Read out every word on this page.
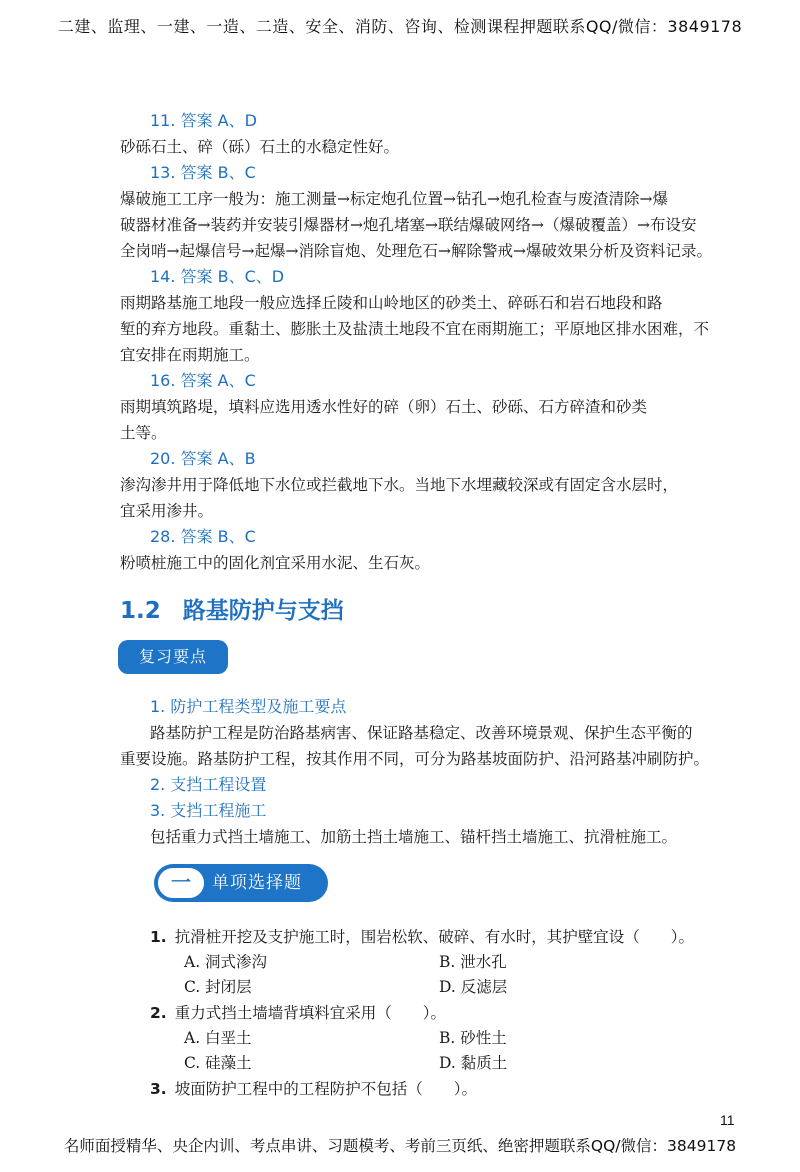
二建、监理、一建、一造、二造、安全、消防、咨询、检测课程押题联系QQ/微信：3849178
11. 答案 A、D
砂砾石土、碎（砾）石土的水稳定性好。
13. 答案 B、C
爆破施工工序一般为：施工测量→标定炮孔位置→钻孔→炮孔检查与废渣清除→爆
破器材准备→装药并安装引爆器材→炮孔堵塞→联结爆破网络→（爆破覆盖）→布设安
全岗哨→起爆信号→起爆→消除盲炮、处理危石→解除警戒→爆破效果分析及资料记录。
14. 答案 B、C、D
雨期路基施工地段一般应选择丘陵和山岭地区的砂类土、碎砾石和岩石地段和路
堑的弃方地段。重黏土、膨胀土及盐渍土地段不宜在雨期施工；平原地区排水困难，不
宜安排在雨期施工。
16. 答案 A、C
雨期填筑路堤，填料应选用透水性好的碎（卵）石土、砂砾、石方碎渣和砂类
土等。
20. 答案 A、B
渗沟渗井用于降低地下水位或拦截地下水。当地下水埋藏较深或有固定含水层时，
宜采用渗井。
28. 答案 B、C
粉喷桩施工中的固化剂宜采用水泥、生石灰。
1.2 路基防护与支挡
复习要点
1. 防护工程类型及施工要点
路基防护工程是防治路基病害、保证路基稳定、改善环境景观、保护生态平衡的
重要设施。路基防护工程，按其作用不同，可分为路基坡面防护、沿河路基冲刷防护。
2. 支挡工程设置
3. 支挡工程施工
包括重力式挡土墙施工、加筋土挡土墙施工、锚杆挡土墙施工、抗滑桩施工。
一	单项选择题
1. 抗滑桩开挖及支护施工时，围岩松软、破碎、有水时，其护壁宜设（　　）。
A. 洞式渗沟	B. 泄水孔
C. 封闭层	D. 反滤层
2. 重力式挡土墙墙背填料宜采用（　　）。
A. 白垩土	B. 砂性土
C. 硅藻土	D. 黏质土
3. 坡面防护工程中的工程防护不包括（　　）。
11
名师面授精华、央企内训、考点串讲、习题模考、考前三页纸、绝密押题联系QQ/微信：3849178
